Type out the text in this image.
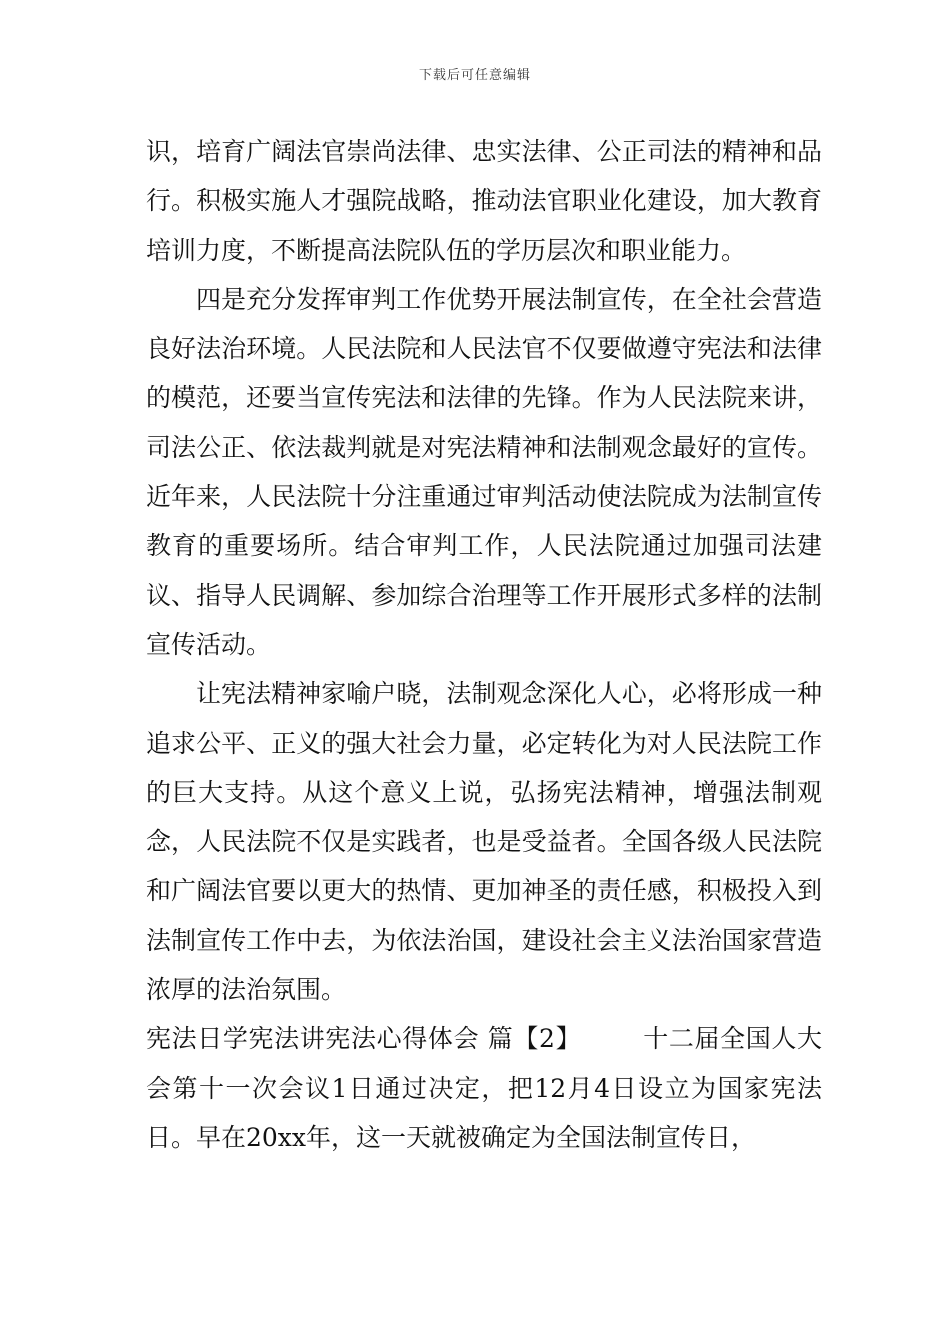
下载后可任意编辑

识，培育广阔法官崇尚法律、忠实法律、公正司法的精神和品行。积极实施人才强院战略，推动法官职业化建设，加大教育培训力度，不断提高法院队伍的学历层次和职业能力。

四是充分发挥审判工作优势开展法制宣传，在全社会营造良好法治环境。人民法院和人民法官不仅要做遵守宪法和法律的模范，还要当宣传宪法和法律的先锋。作为人民法院来讲，司法公正、依法裁判就是对宪法精神和法制观念最好的宣传。近年来，人民法院十分注重通过审判活动使法院成为法制宣传教育的重要场所。结合审判工作，人民法院通过加强司法建议、指导人民调解、参加综合治理等工作开展形式多样的法制宣传活动。

让宪法精神家喻户晓，法制观念深化人心，必将形成一种追求公平、正义的强大社会力量，必定转化为对人民法院工作的巨大支持。从这个意义上说，弘扬宪法精神，增强法制观念，人民法院不仅是实践者，也是受益者。全国各级人民法院和广阔法官要以更大的热情、更加神圣的责任感，积极投入到法制宣传工作中去，为依法治国，建设社会主义法治国家营造浓厚的法治氛围。

宪法日学宪法讲宪法心得体会 篇【2】 十二届全国人大会第十一次会议1日通过决定，把12月4日设立为国家宪法日。早在20xx年，这一天就被确定为全国法制宣传日，
